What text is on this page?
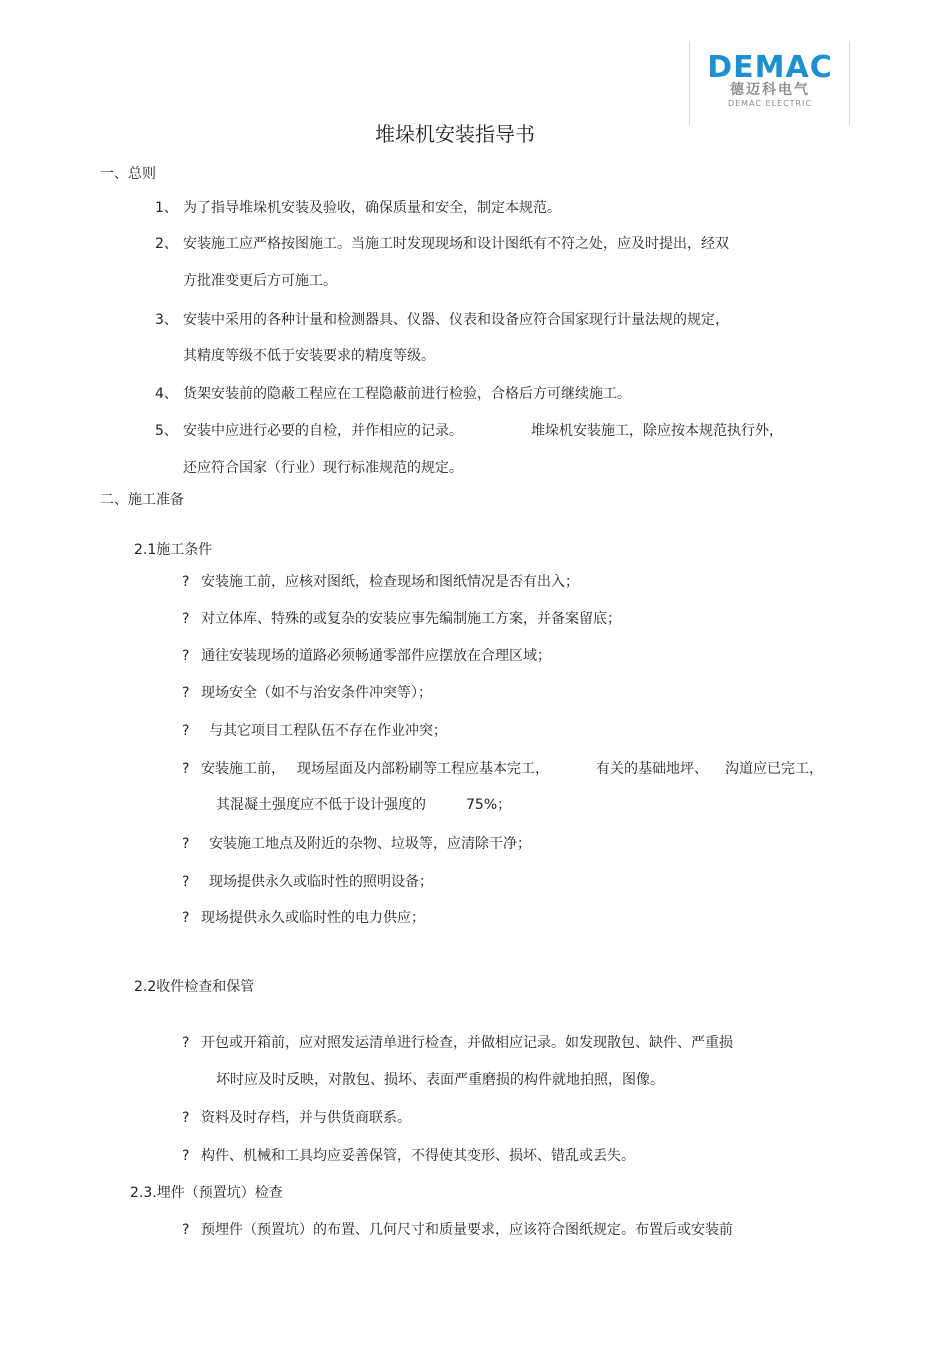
DEMAC
德迈科电气
DEMAC ELECTRIC
堆垛机安装指导书
一、总则
1、 为了指导堆垛机安装及验收，确保质量和安全，制定本规范。
2、 安装施工应严格按图施工。当施工时发现现场和设计图纸有不符之处，应及时提出，经双
方批准变更后方可施工。
3、 安装中采用的各种计量和检测器具、仪器、仪表和设备应符合国家现行计量法规的规定，
其精度等级不低于安装要求的精度等级。
4、 货架安装前的隐蔽工程应在工程隐蔽前进行检验，合格后方可继续施工。
5、 安装中应进行必要的自检，并作相应的记录。	堆垛机安装施工，除应按本规范执行外，
还应符合国家（行业）现行标准规范的规定。
二、施工准备
2.1施工条件
? 安装施工前，应核对图纸，检查现场和图纸情况是否有出入；
? 对立体库、特殊的或复杂的安装应事先编制施工方案，并备案留底；
? 通往安装现场的道路必须畅通零部件应摆放在合理区域；
? 现场安全（如不与治安条件冲突等）；
? 与其它项目工程队伍不存在作业冲突；
? 安装施工前， 现场屋面及内部粉刷等工程应基本完工，	有关的基础地坪、 沟道应已完工，
其混凝土强度应不低于设计强度的	75%；
? 安装施工地点及附近的杂物、垃圾等，应清除干净；
? 现场提供永久或临时性的照明设备；
? 现场提供永久或临时性的电力供应；
2.2收件检查和保管
? 开包或开箱前，应对照发运清单进行检查，并做相应记录。如发现散包、缺件、严重损
坏时应及时反映，对散包、损坏、表面严重磨损的构件就地拍照，图像。
? 资料及时存档，并与供货商联系。
? 构件、机械和工具均应妥善保管，不得使其变形、损坏、错乱或丢失。
2.3.埋件（预置坑）检查
? 预埋件（预置坑）的布置、几何尺寸和质量要求，应该符合图纸规定。布置后或安装前
